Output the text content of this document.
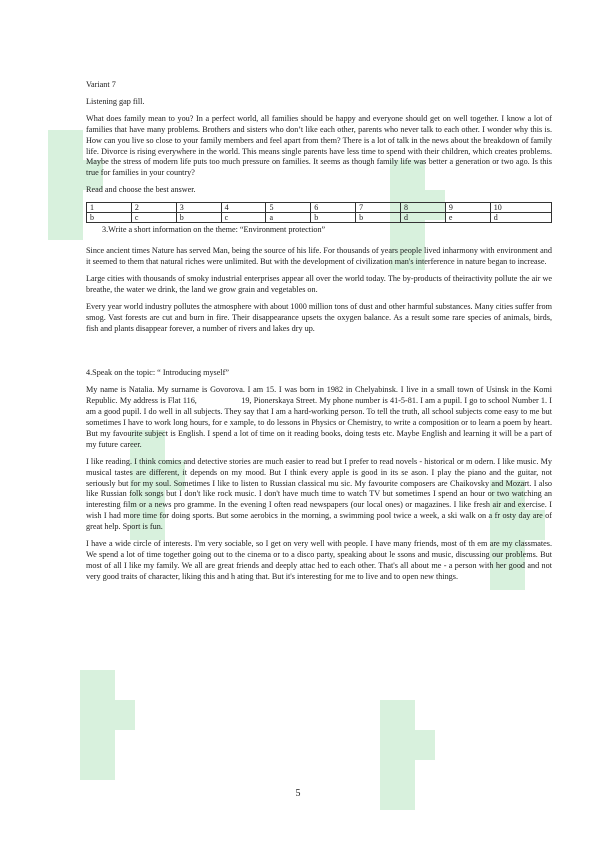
Variant 7

Listening gap fill.

What does family mean to you? In a perfect world, all families should be happy and everyone should get on well together. I know a lot of families that have many problems. Brothers and sisters who don’t like each other, parents who never talk to each other. I wonder why this is. How can you live so close to your family members and feel apart from them? There is a lot of talk in the news about the breakdown of family life. Divorce is rising everywhere in the world. This means single parents have less time to spend with their children, which creates problems. Maybe the stress of modern life puts too much pressure on families. It seems as though family life was better a generation or two ago. Is this true for families in your country?

Read and choose the best answer.

1	2	3	4	5	6	7	8	9	10
b	c	b	c	a	b	b	d	e	d

3.Write a short information on the theme: “Environment protection”

Since ancient times Nature has served Man, being the source of his life. For thousands of years people lived inharmony with environment and it seemed to them that natural riches were unlimited. But with the development of civilization man's interference in nature began to increase.

Large cities with thousands of smoky industrial enterprises appear all over the world today. The by-products of theiractivity pollute the air we breathe, the water we drink, the land we grow grain and vegetables on.

Every year world industry pollutes the atmosphere with about 1000 million tons of dust and other harmful substances. Many cities suffer from smog. Vast forests are cut and burn in fire. Their disappearance upsets the oxygen balance. As a result some rare species of animals, birds, fish and plants disappear forever, a number of rivers and lakes dry up.

4.Speak on the topic: “ Introducing myself”

My name is Natalia. My surname is Govorova. I am 15. I was born in 1982 in Chelyabinsk. I live in a small town of Usinsk in the Komi Republic. My address is Flat 116,                    19, Pionerskaya Street. My phone number is 41-5-81. I am a pupil. I go to school Number 1. I am a good pupil. I do well in all subjects. They say that I am a hard-working person. To tell the truth, all school subjects come easy to me but sometimes I have to work long hours, for e xample, to do lessons in Physics or Chemistry, to write a composition or to learn a poem by heart. But my favourite subject is English. I spend a lot of time on it reading books, doing tests etc. Maybe English and learning it will be a part of my future career.

I like reading. I think comics and detective stories are much easier to read but I prefer to read novels - historical or m odern. I like music. My musical tastes are different, it depends on my mood. But I think every apple is good in its se ason. I play the piano and the guitar, not seriously but for my soul. Sometimes I like to listen to Russian classical mu sic. My favourite composers are Chaikovsky and Mozart. I also like Russian folk songs but I don't like rock music. I don't have much time to watch TV but sometimes I spend an hour or two watching an interesting film or a news pro gramme. In the evening I often read newspapers (our local ones) or magazines. I like fresh air and exercise. I wish I had more time for doing sports. But some aerobics in the morning, a swimming pool twice a week, a ski walk on a fr osty day are of great help. Sport is fun.

I have a wide circle of interests. I'm very sociable, so I get on very well with people. I have many friends, most of th em are my classmates. We spend a lot of time together going out to the cinema or to a disco party, speaking about le ssons and music, discussing our problems. But most of all I like my family. We all are great friends and deeply attac hed to each other. That's all about me - a person with her good and not very good traits of character, liking this and h ating that. But it's interesting for me to live and to open new things.

5
